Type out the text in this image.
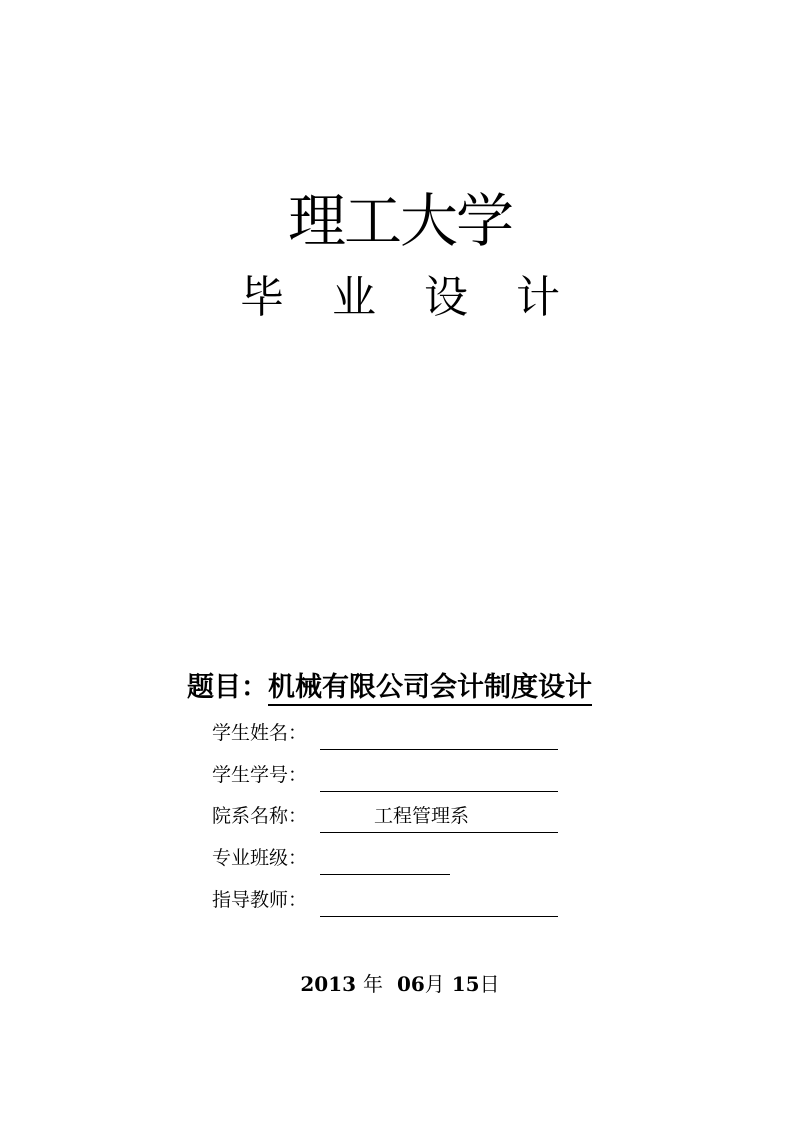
理工大学
毕 业 设 计
题目：机械有限公司会计制度设计
学生姓名：
学生学号：
院系名称：	工程管理系
专业班级：
指导教师：
2013 年 06月 15日
